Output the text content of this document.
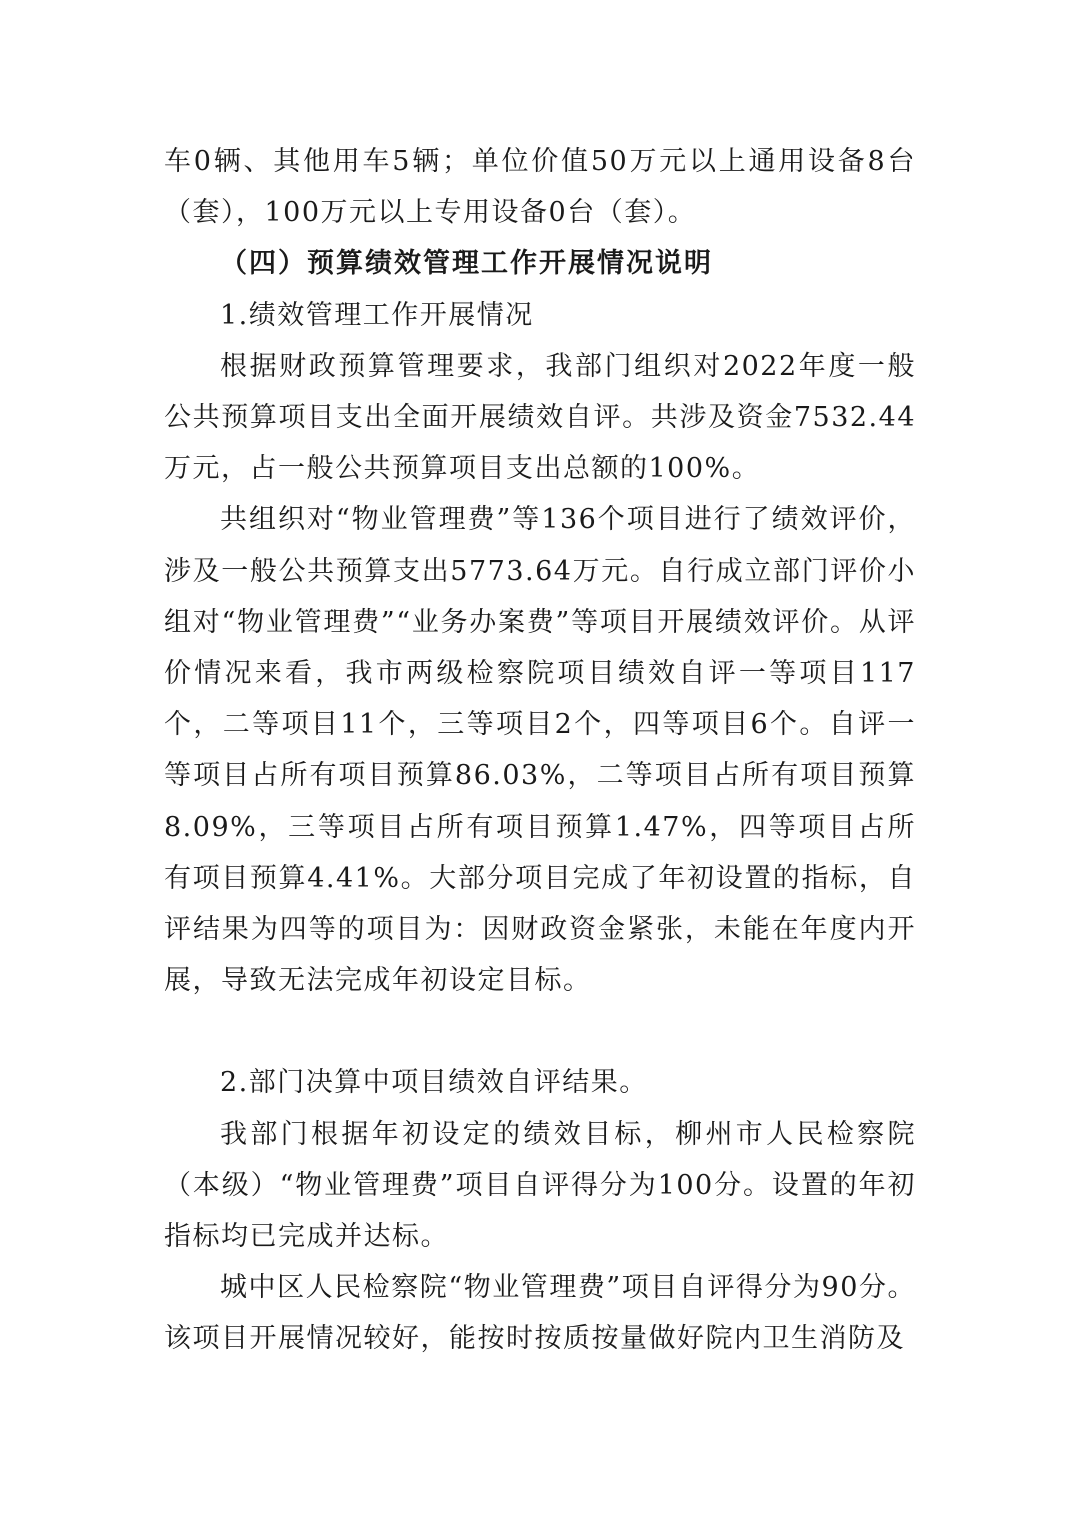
车0辆、其他用车5辆；单位价值50万元以上通用设备8台（套），100万元以上专用设备0台（套）。

（四）预算绩效管理工作开展情况说明

1.绩效管理工作开展情况

根据财政预算管理要求，我部门组织对2022年度一般公共预算项目支出全面开展绩效自评。共涉及资金7532.44万元，占一般公共预算项目支出总额的100%。

共组织对“物业管理费”等136个项目进行了绩效评价，涉及一般公共预算支出5773.64万元。自行成立部门评价小组对“物业管理费”“业务办案费”等项目开展绩效评价。从评价情况来看，我市两级检察院项目绩效自评一等项目117个，二等项目11个，三等项目2个，四等项目6个。自评一等项目占所有项目预算86.03%，二等项目占所有项目预算8.09%，三等项目占所有项目预算1.47%，四等项目占所有项目预算4.41%。大部分项目完成了年初设置的指标，自评结果为四等的项目为：因财政资金紧张，未能在年度内开展，导致无法完成年初设定目标。

2.部门决算中项目绩效自评结果。

我部门根据年初设定的绩效目标，柳州市人民检察院（本级）“物业管理费”项目自评得分为100分。设置的年初指标均已完成并达标。

城中区人民检察院“物业管理费”项目自评得分为90分。该项目开展情况较好，能按时按质按量做好院内卫生消防及
